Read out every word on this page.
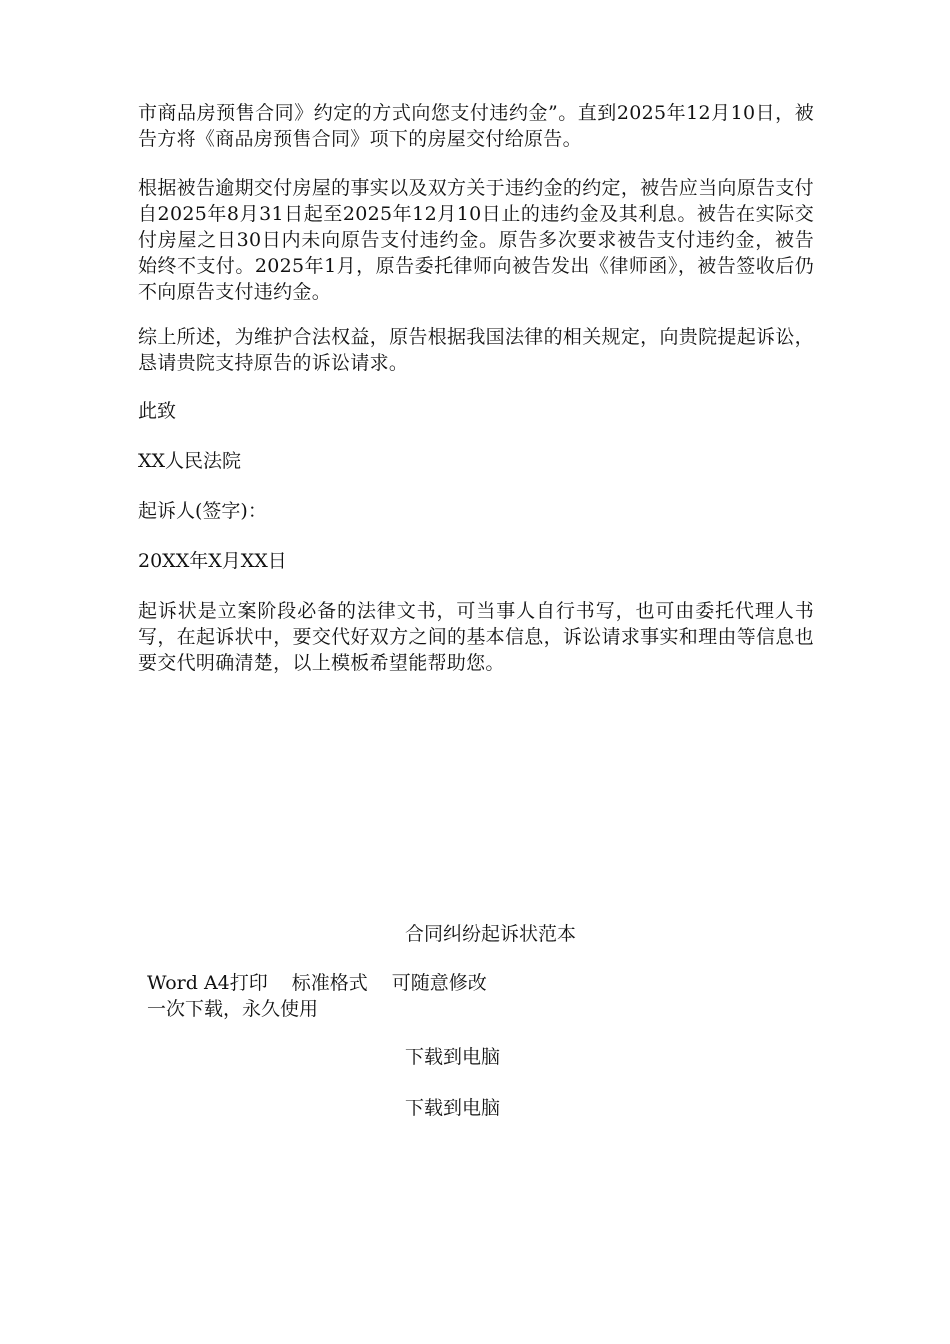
市商品房预售合同》约定的方式向您支付违约金”。直到2025年12月10日，被告方将《商品房预售合同》项下的房屋交付给原告。

根据被告逾期交付房屋的事实以及双方关于违约金的约定，被告应当向原告支付自2025年8月31日起至2025年12月10日止的违约金及其利息。被告在实际交付房屋之日30日内未向原告支付违约金。原告多次要求被告支付违约金，被告始终不支付。2025年1月，原告委托律师向被告发出《律师函》，被告签收后仍不向原告支付违约金。

综上所述，为维护合法权益，原告根据我国法律的相关规定，向贵院提起诉讼，恳请贵院支持原告的诉讼请求。

此致

XX人民法院

起诉人(签字)：

20XX年X月XX日

起诉状是立案阶段必备的法律文书，可当事人自行书写，也可由委托代理人书写，在起诉状中，要交代好双方之间的基本信息，诉讼请求事实和理由等信息也要交代明确清楚，以上模板希望能帮助您。

合同纠纷起诉状范本

Word A4打印 标准格式 可随意修改

一次下载，永久使用

下载到电脑

下载到电脑
